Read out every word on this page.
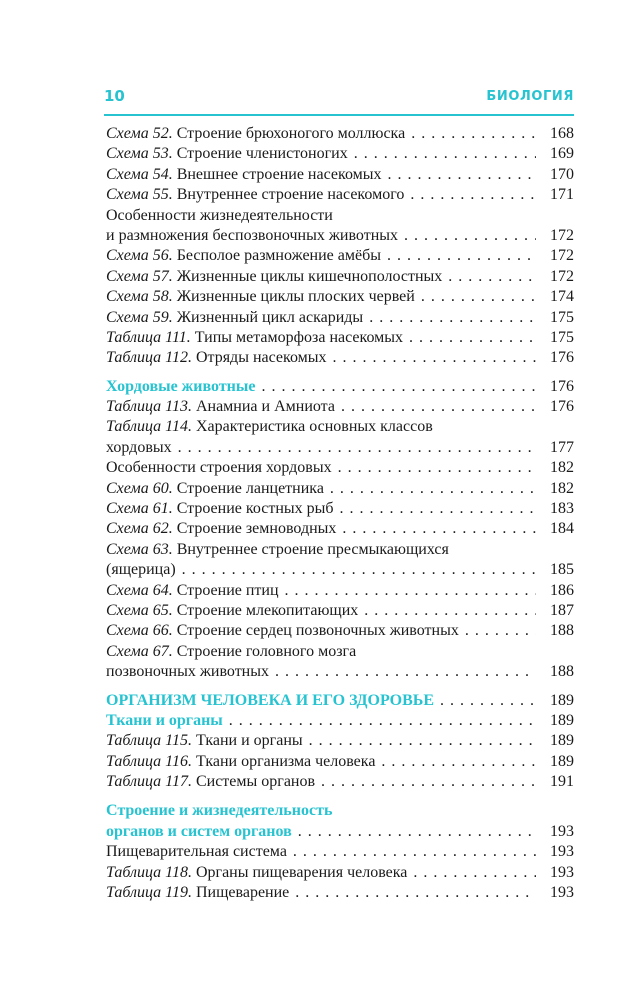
10	БИОЛОГИЯ
Схема 52. Строение брюхоногого моллюска . . .	168
Схема 53. Строение членистоногих . . .	169
Схема 54. Внешнее строение насекомых . . .	170
Схема 55. Внутреннее строение насекомого . . .	171
Особенности жизнедеятельности
и размножения беспозвоночных животных . . .	172
Схема 56. Бесполое размножение амёбы . . .	172
Схема 57. Жизненные циклы кишечнополостных . . .	172
Схема 58. Жизненные циклы плоских червей . . .	174
Схема 59. Жизненный цикл аскариды . . .	175
Таблица 111. Типы метаморфоза насекомых . . .	175
Таблица 112. Отряды насекомых . . .	176
Хордовые животные . . .	176
Таблица 113. Анамниа и Амниота . . .	176
Таблица 114. Характеристика основных классов
хордовых . . .	177
Особенности строения хордовых . . .	182
Схема 60. Строение ланцетника . . .	182
Схема 61. Строение костных рыб . . .	183
Схема 62. Строение земноводных . . .	184
Схема 63. Внутреннее строение пресмыкающихся
(ящерица) . . .	185
Схема 64. Строение птиц . . .	186
Схема 65. Строение млекопитающих . . .	187
Схема 66. Строение сердец позвоночных животных . . .	188
Схема 67. Строение головного мозга
позвоночных животных . . .	188
ОРГАНИЗМ ЧЕЛОВЕКА И ЕГО ЗДОРОВЬЕ . . .	189
Ткани и органы . . .	189
Таблица 115. Ткани и органы . . .	189
Таблица 116. Ткани организма человека . . .	189
Таблица 117. Системы органов . . .	191
Строение и жизнедеятельность
органов и систем органов . . .	193
Пищеварительная система . . .	193
Таблица 118. Органы пищеварения человека . . .	193
Таблица 119. Пищеварение . . .	193
